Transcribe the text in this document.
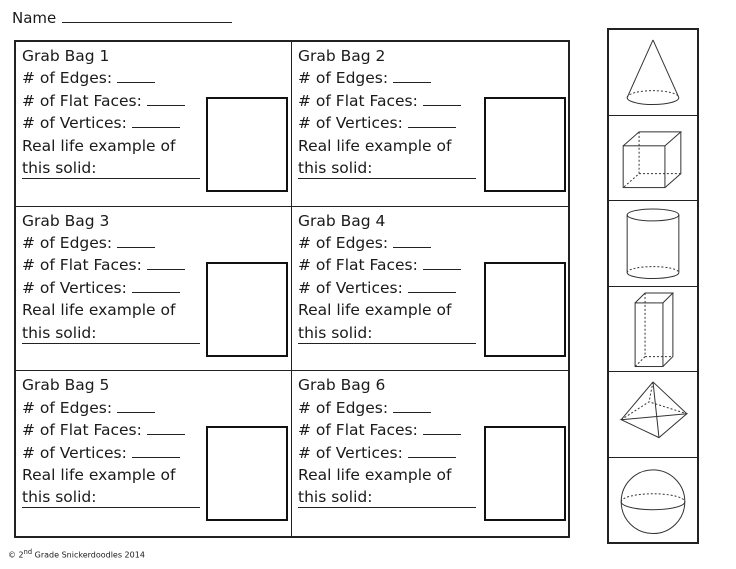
Name
Grab Bag 1
# of Edges:
# of Flat Faces:
# of Vertices:
Real life example of
this solid:
Grab Bag 2
# of Edges:
# of Flat Faces:
# of Vertices:
Real life example of
this solid:
Grab Bag 3
# of Edges:
# of Flat Faces:
# of Vertices:
Real life example of
this solid:
Grab Bag 4
# of Edges:
# of Flat Faces:
# of Vertices:
Real life example of
this solid:
Grab Bag 5
# of Edges:
# of Flat Faces:
# of Vertices:
Real life example of
this solid:
Grab Bag 6
# of Edges:
# of Flat Faces:
# of Vertices:
Real life example of
this solid:
© 2nd Grade Snickerdoodles 2014
